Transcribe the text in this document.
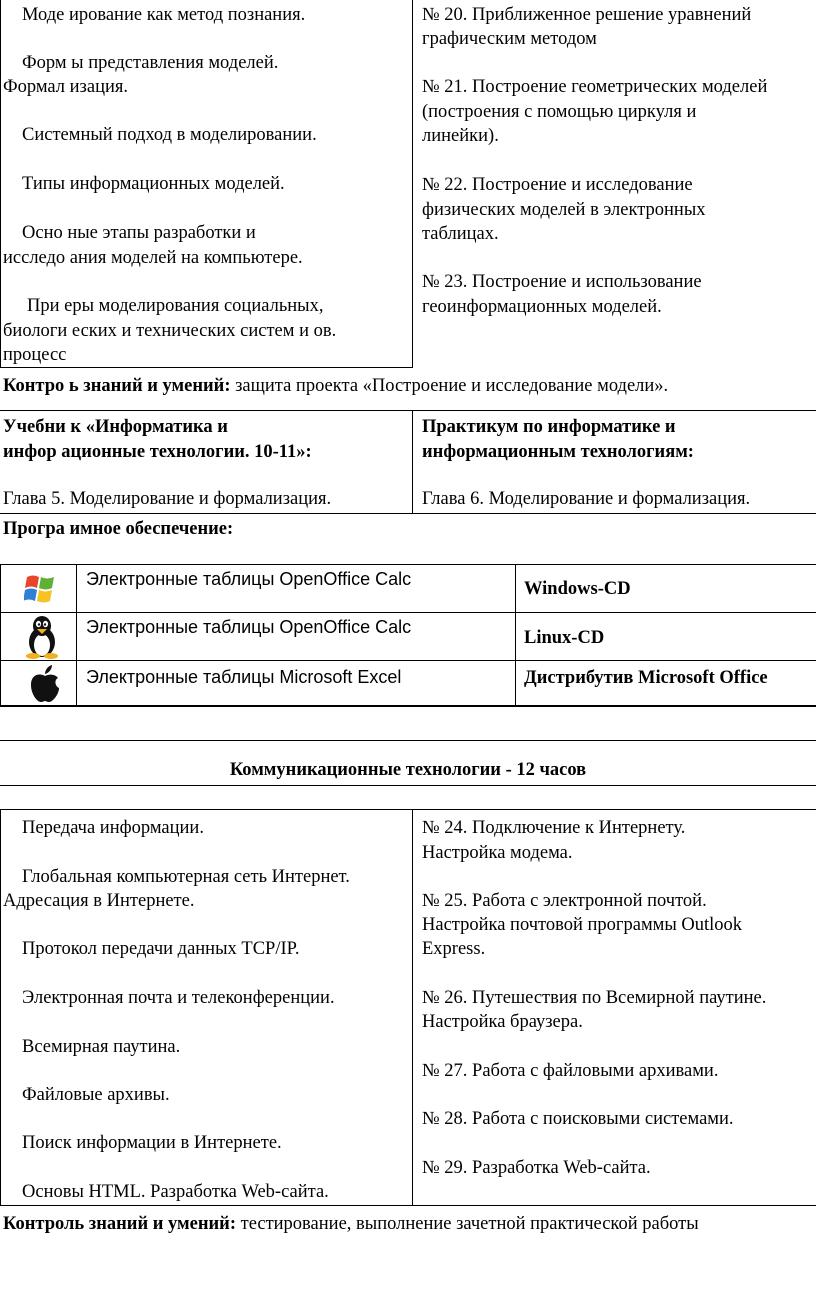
Моде ирование как метод познания.
Форм ы представления моделей.
Формал изация.
Системный подход в моделировании.
Типы информационных моделей.
Осно ные этапы разработки и
исследо ания моделей на компьютере.
При еры моделирования социальных,
биологи еских и технических систем и ов.
процесс
№ 20. Приближенное решение уравнений
графическим методом
№ 21. Построение геометрических моделей
(построения с помощью циркуля и
линейки).
№ 22. Построение и исследование
физических моделей в электронных
таблицах.
№ 23. Построение и использование
геоинформационных моделей.
Контро ь знаний и умений: защита проекта «Построение и исследование модели».
Учебни к «Информатика и
инфор ационные технологии. 10-11»:
Глава 5. Моделирование и формализация.
Практикум по информатике и
информационным технологиям:
Глава 6. Моделирование и формализация.
Програ имное обеспечение:
Электронные таблицы OpenOffice Calc	Windows-CD
Электронные таблицы OpenOffice Calc
Linux-CD
Электронные таблицы Microsoft Excel	Дистрибутив Microsoft Office
Коммуникационные технологии - 12 часов
Передача информации.
Глобальная компьютерная сеть Интернет.
Адресация в Интернете.
Протокол передачи данных TCP/IP.
Электронная почта и телеконференции.
Всемирная паутина.
Файловые архивы.
Поиск информации в Интернете.
Основы HTML. Разработка Web-сайта.
№ 24. Подключение к Интернету.
Настройка модема.
№ 25. Работа с электронной почтой.
Настройка почтовой программы Outlook
Express.
№ 26. Путешествия по Всемирной паутине.
Настройка браузера.
№ 27. Работа с файловыми архивами.
№ 28. Работа с поисковыми системами.
№ 29. Разработка Web-сайта.
Контроль знаний и умений: тестирование, выполнение зачетной практической работы
